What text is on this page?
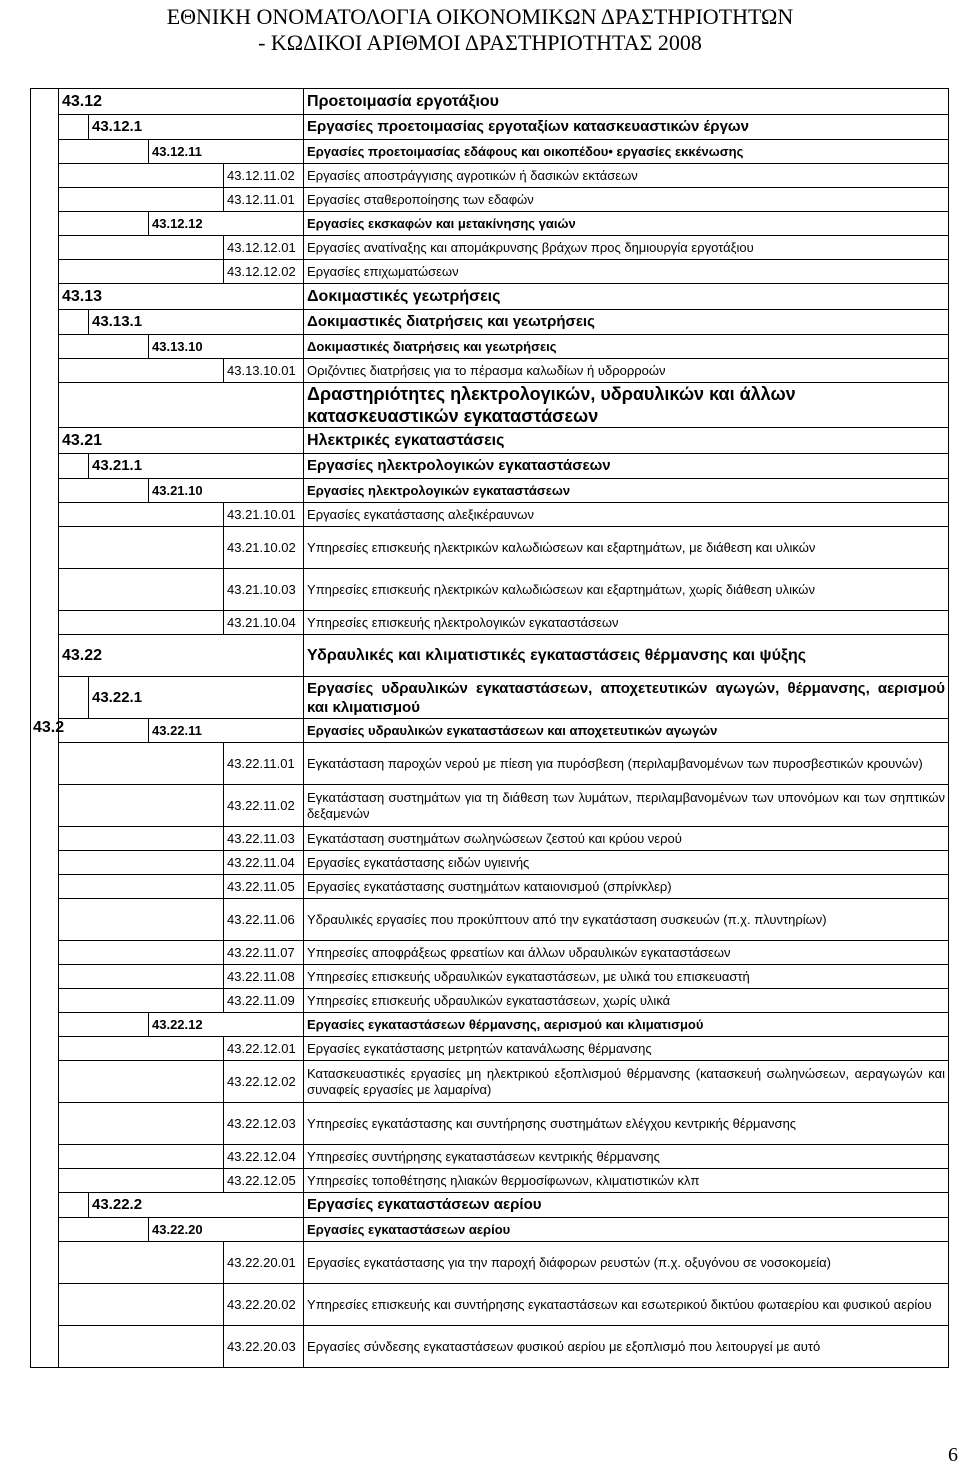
ΕΘΝΙΚΗ ΟΝΟΜΑΤΟΛΟΓΙΑ ΟΙΚΟΝΟΜΙΚΩΝ ΔΡΑΣΤΗΡΙΟΤΗΤΩΝ
- ΚΩΔΙΚΟΙ ΑΡΙΘΜΟΙ ΔΡΑΣΤΗΡΙΟΤΗΤΑΣ 2008
43.2	43.12				Προετοιμασία εργοτάξιου
		43.12.1			Εργασίες προετοιμασίας εργοταξίων κατασκευαστικών έργων
			43.12.11		Εργασίες προετοιμασίας εδάφους και οικοπέδου• εργασίες εκκένωσης
				43.12.11.02	Εργασίες αποστράγγισης αγροτικών ή δασικών εκτάσεων
				43.12.11.01	Εργασίες σταθεροποίησης των εδαφών
			43.12.12		Εργασίες εκσκαφών και μετακίνησης γαιών
				43.12.12.01	Εργασίες ανατίναξης και απομάκρυνσης βράχων προς δημιουργία εργοτάξιου
				43.12.12.02	Εργασίες επιχωματώσεων
	43.13				Δοκιμαστικές γεωτρήσεις
		43.13.1			Δοκιμαστικές διατρήσεις και γεωτρήσεις
			43.13.10		Δοκιμαστικές διατρήσεις και γεωτρήσεις
				43.13.10.01	Οριζόντιες διατρήσεις για το πέρασμα καλωδίων ή υδρορροών
					Δραστηριότητες ηλεκτρολογικών, υδραυλικών και άλλων κατασκευαστικών εγκαταστάσεων
	43.21				Ηλεκτρικές εγκαταστάσεις
		43.21.1			Εργασίες ηλεκτρολογικών εγκαταστάσεων
			43.21.10		Εργασίες ηλεκτρολογικών εγκαταστάσεων
				43.21.10.01	Εργασίες εγκατάστασης αλεξικέραυνων
				43.21.10.02	Υπηρεσίες επισκευής ηλεκτρικών καλωδιώσεων και εξαρτημάτων, με διάθεση και υλικών
				43.21.10.03	Υπηρεσίες επισκευής ηλεκτρικών καλωδιώσεων και εξαρτημάτων, χωρίς διάθεση υλικών
				43.21.10.04	Υπηρεσίες επισκευής ηλεκτρολογικών εγκαταστάσεων
	43.22				Υδραυλικές και κλιματιστικές εγκαταστάσεις θέρμανσης και ψύξης
		43.22.1			Εργασίες υδραυλικών εγκαταστάσεων, αποχετευτικών αγωγών, θέρμανσης, αερισμού και κλιματισμού
			43.22.11		Εργασίες υδραυλικών εγκαταστάσεων και αποχετευτικών αγωγών
				43.22.11.01	Εγκατάσταση παροχών νερού με πίεση για πυρόσβεση (περιλαμβανομένων των πυροσβεστικών κρουνών)
				43.22.11.02	Εγκατάσταση συστημάτων για τη διάθεση των λυμάτων, περιλαμβανομένων των υπονόμων και των σηπτικών δεξαμενών
				43.22.11.03	Εγκατάσταση συστημάτων σωληνώσεων ζεστού και κρύου νερού
				43.22.11.04	Εργασίες εγκατάστασης ειδών υγιεινής
				43.22.11.05	Εργασίες εγκατάστασης συστημάτων καταιονισμού (σπρίνκλερ)
				43.22.11.06	Υδραυλικές εργασίες που προκύπτουν από την εγκατάσταση συσκευών (π.χ. πλυντηρίων)
				43.22.11.07	Υπηρεσίες αποφράξεως φρεατίων και άλλων υδραυλικών εγκαταστάσεων
				43.22.11.08	Υπηρεσίες επισκευής υδραυλικών εγκαταστάσεων, με υλικά του επισκευαστή
				43.22.11.09	Υπηρεσίες επισκευής υδραυλικών εγκαταστάσεων, χωρίς υλικά
			43.22.12		Εργασίες εγκαταστάσεων θέρμανσης, αερισμού και κλιματισμού
				43.22.12.01	Εργασίες εγκατάστασης μετρητών κατανάλωσης θέρμανσης
				43.22.12.02	Κατασκευαστικές εργασίες μη ηλεκτρικού εξοπλισμού θέρμανσης (κατασκευή σωληνώσεων, αεραγωγών και συναφείς εργασίες με λαμαρίνα)
				43.22.12.03	Υπηρεσίες εγκατάστασης και συντήρησης συστημάτων ελέγχου κεντρικής θέρμανσης
				43.22.12.04	Υπηρεσίες συντήρησης εγκαταστάσεων κεντρικής θέρμανσης
				43.22.12.05	Υπηρεσίες τοποθέτησης ηλιακών θερμοσίφωνων, κλιματιστικών κλπ
		43.22.2			Εργασίες εγκαταστάσεων αερίου
			43.22.20		Εργασίες εγκαταστάσεων αερίου
				43.22.20.01	Εργασίες εγκατάστασης για την παροχή διάφορων ρευστών (π.χ. οξυγόνου σε νοσοκομεία)
				43.22.20.02	Υπηρεσίες επισκευής και συντήρησης εγκαταστάσεων και εσωτερικού δικτύου φωταερίου και φυσικού αερίου
				43.22.20.03	Εργασίες σύνδεσης εγκαταστάσεων φυσικού αερίου με εξοπλισμό που λειτουργεί με αυτό
6
